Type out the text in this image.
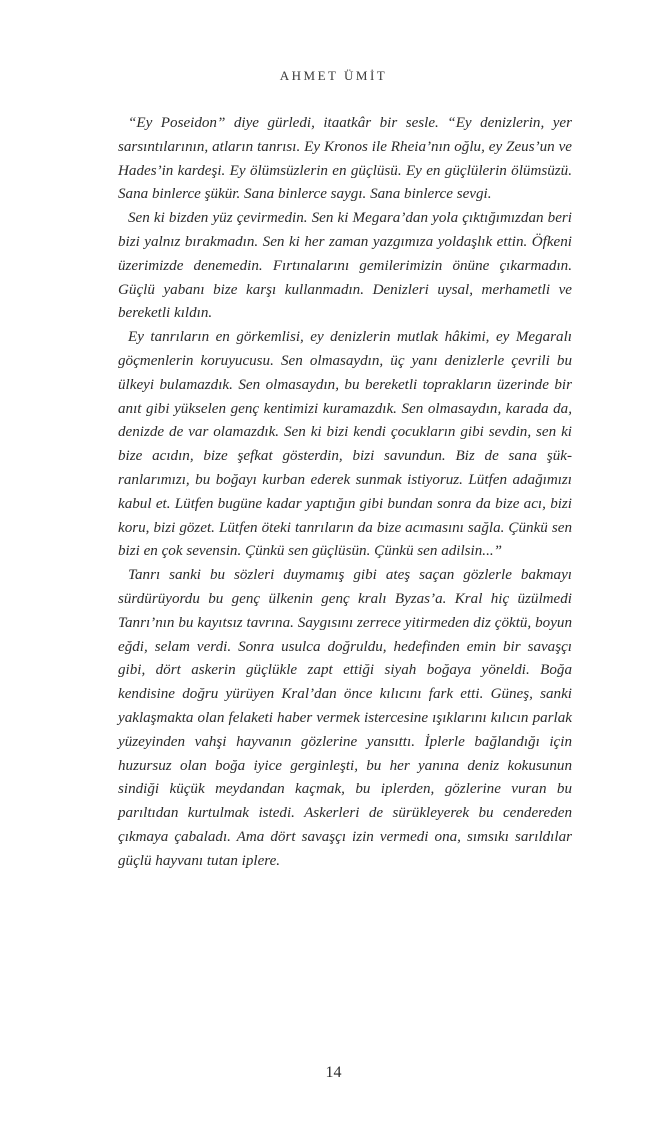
AHMET ÜMİT

“Ey Poseidon” diye gürledi, itaatkâr bir sesle. “Ey denizlerin, yer sarsıntılarının, atların tanrısı. Ey Kronos ile Rheia’nın oğlu, ey Zeus’un ve Hades’in kardeşi. Ey ölümsüzlerin en güçlüsü. Ey en güçlülerin ölümsüzü. Sana binlerce şükür. Sana binlerce saygı. Sana binlerce sevgi.

Sen ki bizden yüz çevirmedin. Sen ki Megara’dan yola çıktığımızdan beri bizi yalnız bırakmadın. Sen ki her zaman yazgımıza yoldaşlık ettin. Öfkeni üzerimizde denemedin. Fırtınalarını gemilerimizin önüne çıkarmadın. Güçlü yabanı bize karşı kullanmadın. Denizleri uysal, merhametli ve bereketli kıldın.

Ey tanrıların en görkemlisi, ey denizlerin mutlak hâkimi, ey Megaralı göçmenlerin koruyucusu. Sen olmasaydın, üç yanı denizlerle çevrili bu ülkeyi bulamazdık. Sen olmasaydın, bu bereketli toprakların üzerinde bir anıt gibi yükselen genç kentimizi kuramazdık. Sen olmasaydın, karada da, denizde de var olamazdık. Sen ki bizi kendi çocukların gibi sevdin, sen ki bize acıdın, bize şefkat gösterdin, bizi savundun. Biz de sana şükranlarımızı, bu boğayı kurban ederek sunmak istiyoruz. Lütfen adağımızı kabul et. Lütfen bugüne kadar yaptığın gibi bundan sonra da bize acı, bizi koru, bizi gözet. Lütfen öteki tanrıların da bize acımasını sağla. Çünkü sen bizi en çok sevensin. Çünkü sen güçlüsün. Çünkü sen adilsin...”

Tanrı sanki bu sözleri duymamış gibi ateş saçan gözlerle bakmayı sürdürüyordu bu genç ülkenin genç kralı Byzas’a. Kral hiç üzülmedi Tanrı’nın bu kayıtsız tavrına. Saygısını zerrece yitirmeden diz çöktü, boyun eğdi, selam verdi. Sonra usulca doğruldu, hedefinden emin bir savaşçı gibi, dört askerin güçlükle zapt ettiği siyah boğaya yöneldi. Boğa kendisine doğru yürüyen Kral’dan önce kılıcını fark etti. Güneş, sanki yaklaşmakta olan felaketi haber vermek istercesine ışıklarını kılıcın parlak yüzeyinden vahşi hayvanın gözlerine yansıttı. İplerle bağlandığı için huzursuz olan boğa iyice gerginleşti, bu her yanına deniz kokusunun sindiği küçük meydandan kaçmak, bu iplerden, gözlerine vuran bu parıltıdan kurtulmak istedi. Askerleri de sürükleyerek bu cendereden çıkmaya çabaladı. Ama dört savaşçı izin vermedi ona, sımsıkı sarıldılar güçlü hayvanı tutan iplere.

14
